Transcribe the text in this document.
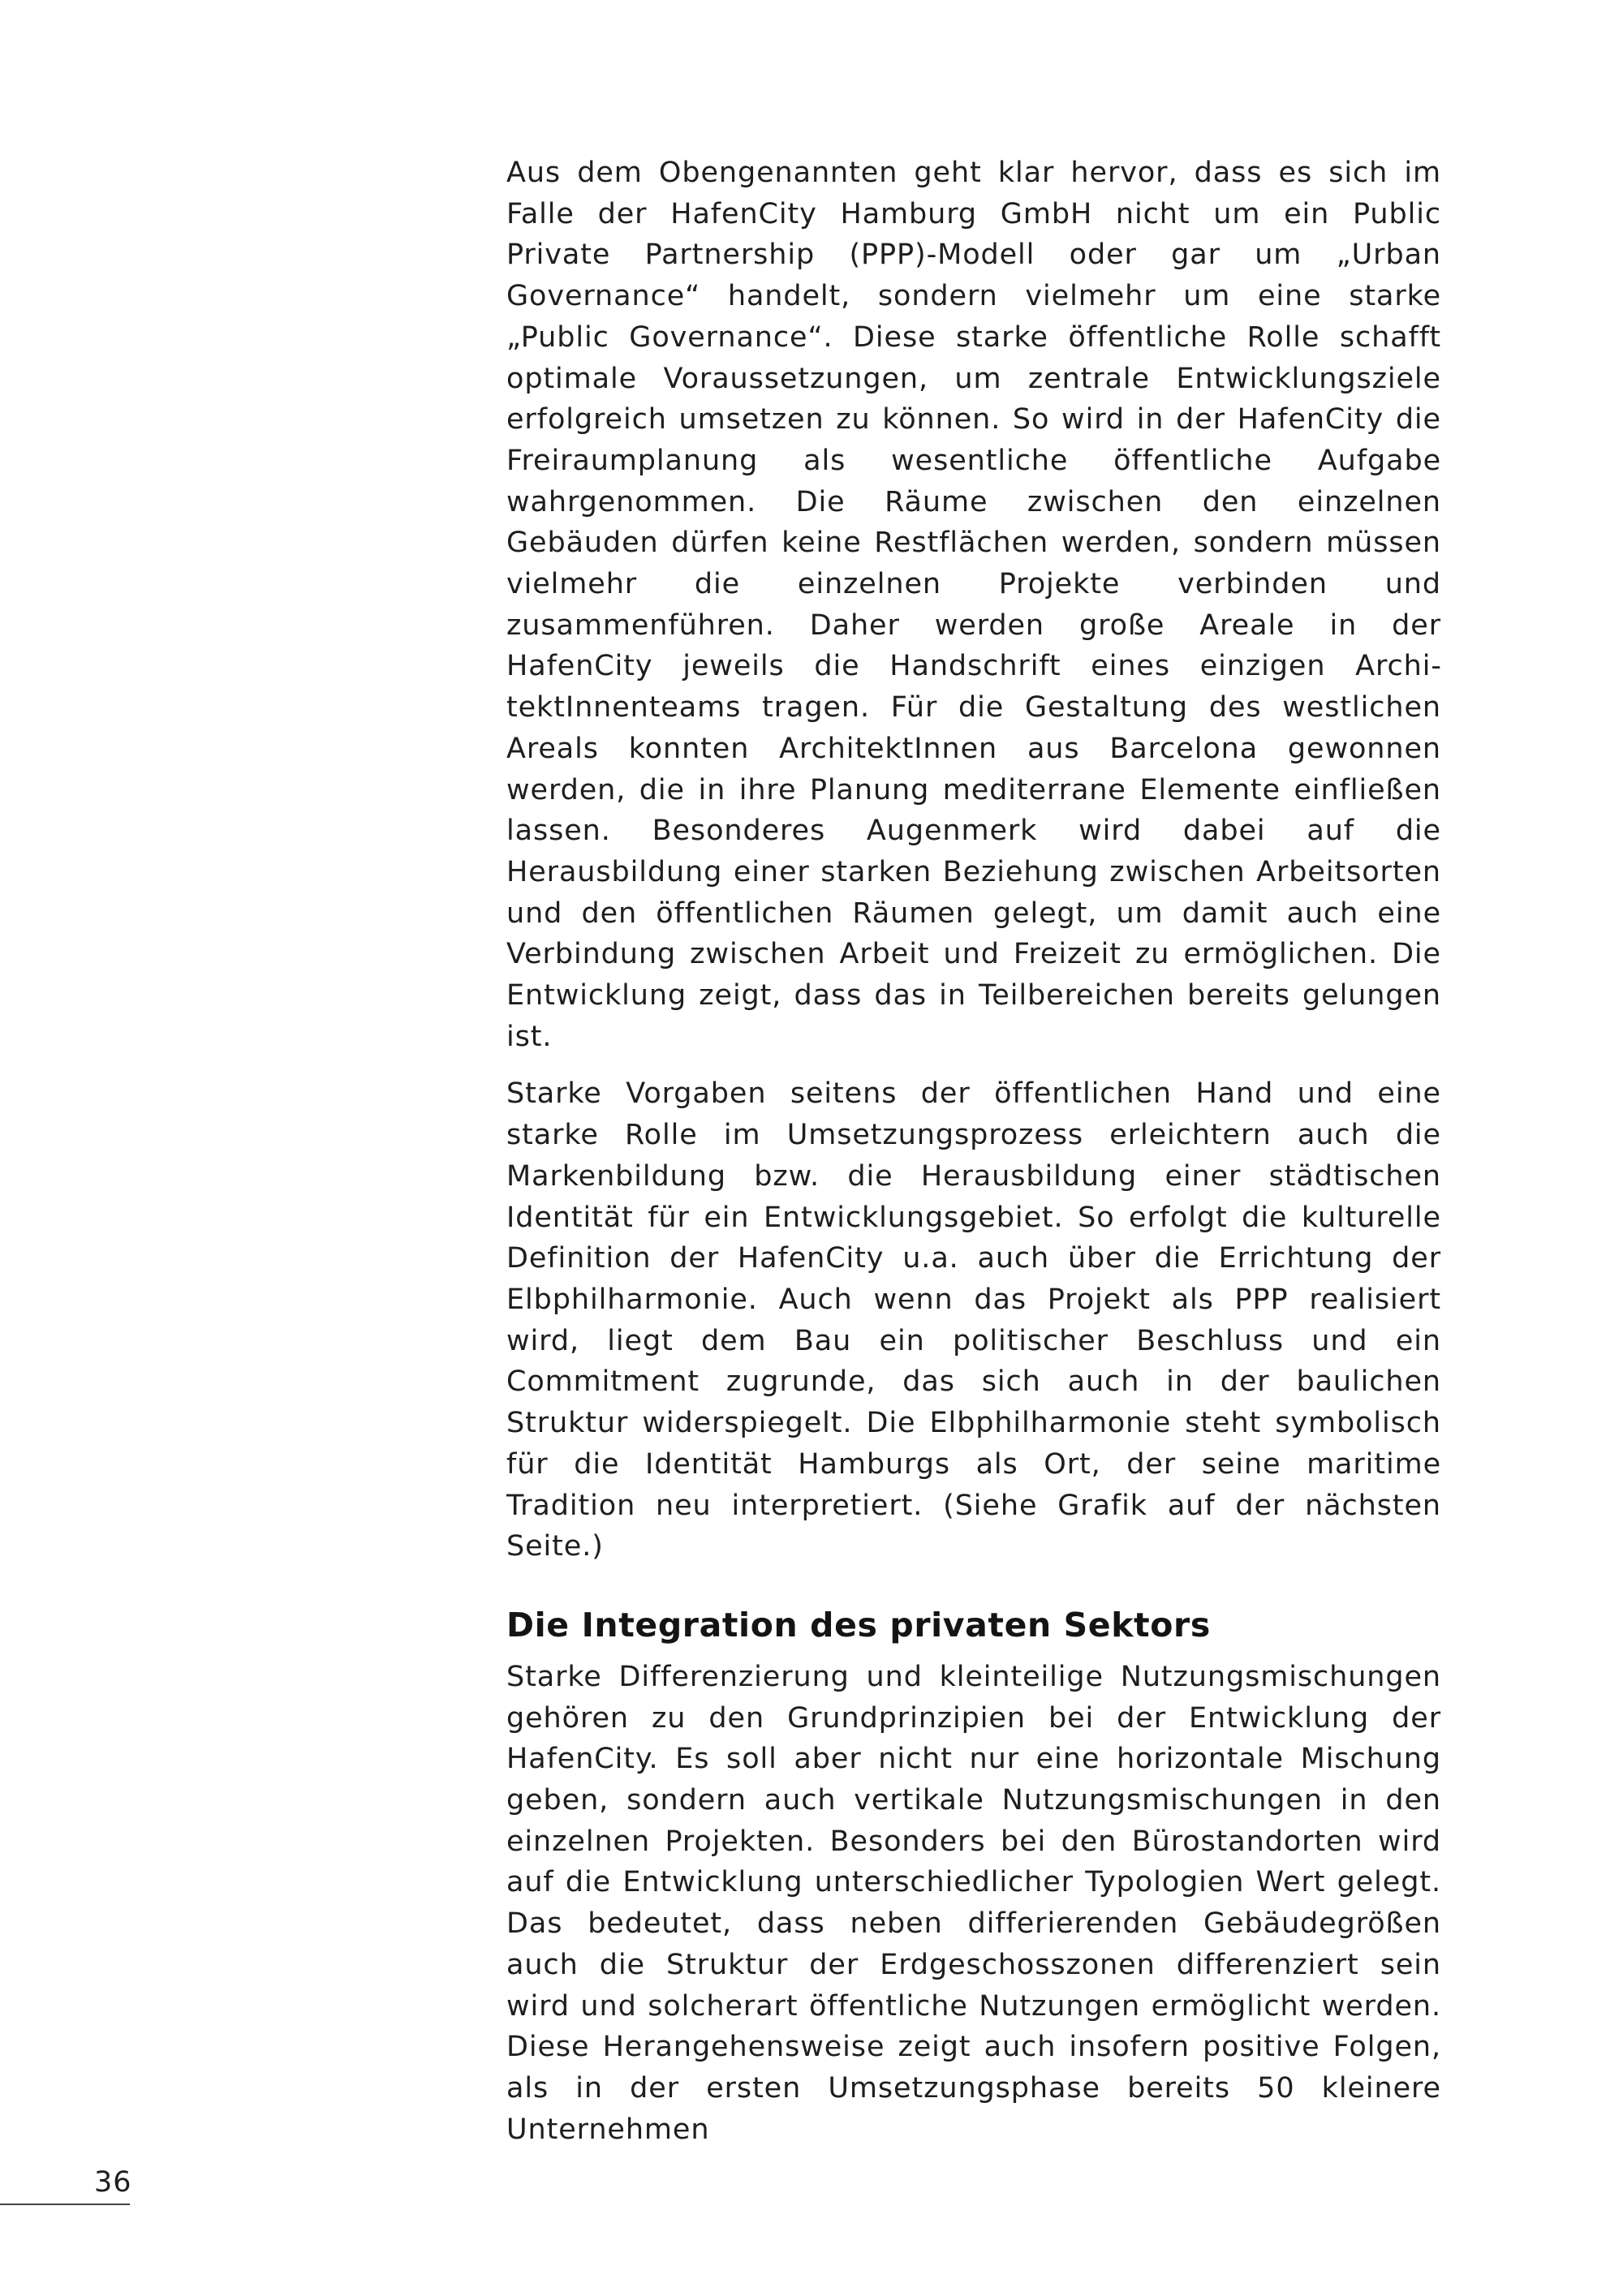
Aus dem Obengenannten geht klar hervor, dass es sich im Falle der HafenCity Hamburg GmbH nicht um ein Public Private Partnership (PPP)-Modell oder gar um „Urban Governance“ handelt, sondern vielmehr um eine starke „Public Governance“. Diese starke öffentliche Rolle schafft optimale Voraussetzungen, um zentrale Entwicklungsziele erfolgreich umsetzen zu können. So wird in der HafenCity die Freiraumplanung als wesentliche öffentliche Aufgabe wahrgenommen. Die Räume zwischen den einzelnen Gebäuden dürfen keine Restflächen werden, sondern müssen vielmehr die einzelnen Projekte verbinden und zusammenführen. Daher werden große Areale in der HafenCity jeweils die Handschrift eines einzigen ArchitektInnenteams tragen. Für die Gestaltung des westlichen Areals konnten ArchitektInnen aus Barcelona gewonnen werden, die in ihre Planung mediterrane Elemente einfließen lassen. Besonderes Augenmerk wird dabei auf die Herausbildung einer starken Beziehung zwischen Arbeitsorten und den öffentlichen Räumen gelegt, um damit auch eine Verbindung zwischen Arbeit und Freizeit zu ermöglichen. Die Entwicklung zeigt, dass das in Teilbereichen bereits gelungen ist.

Starke Vorgaben seitens der öffentlichen Hand und eine starke Rolle im Umsetzungsprozess erleichtern auch die Markenbildung bzw. die Herausbildung einer städtischen Identität für ein Entwicklungsgebiet. So erfolgt die kulturelle Definition der HafenCity u.a. auch über die Errichtung der Elbphilharmonie. Auch wenn das Projekt als PPP realisiert wird, liegt dem Bau ein politischer Beschluss und ein Commitment zugrunde, das sich auch in der baulichen Struktur widerspiegelt. Die Elbphilharmonie steht symbolisch für die Identität Hamburgs als Ort, der seine maritime Tradition neu interpretiert. (Siehe Grafik auf der nächsten Seite.)

Die Integration des privaten Sektors

Starke Differenzierung und kleinteilige Nutzungsmischungen gehören zu den Grundprinzipien bei der Entwicklung der HafenCity. Es soll aber nicht nur eine horizontale Mischung geben, sondern auch vertikale Nutzungsmischungen in den einzelnen Projekten. Besonders bei den Bürostandorten wird auf die Entwicklung unterschiedlicher Typologien Wert gelegt. Das bedeutet, dass neben differierenden Gebäudegrößen auch die Struktur der Erdgeschosszonen differenziert sein wird und solcherart öffentliche Nutzungen ermöglicht werden. Diese Herangehensweise zeigt auch insofern positive Folgen, als in der ersten Umsetzungsphase bereits 50 kleinere Unternehmen

36
